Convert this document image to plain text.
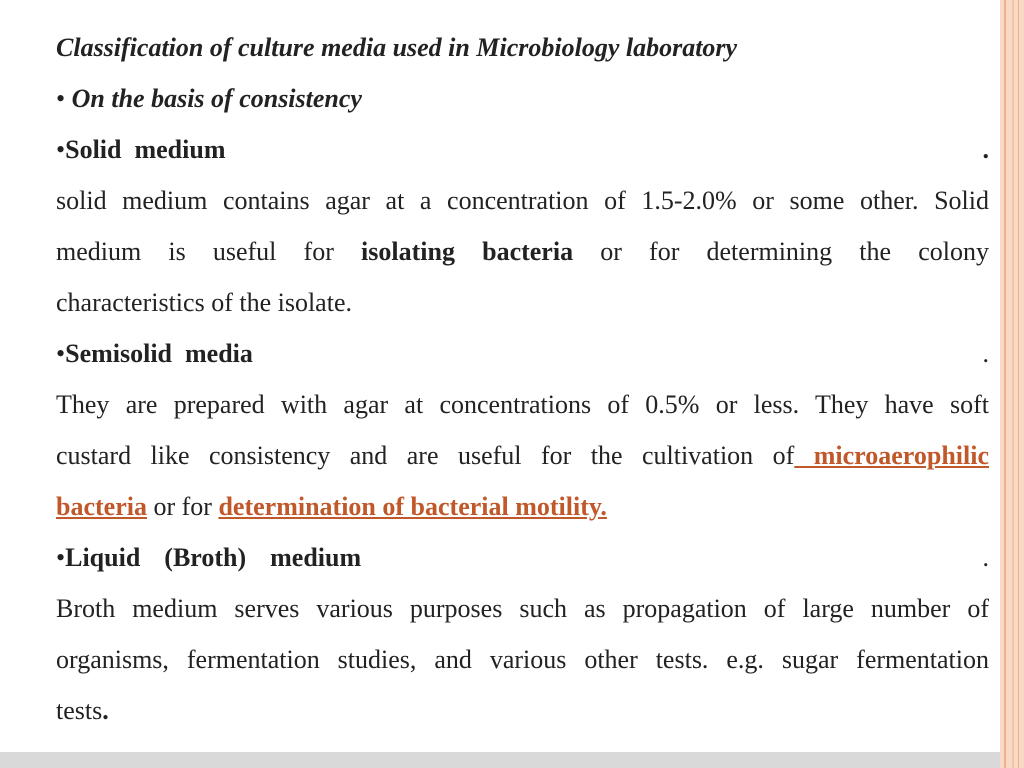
Classification of culture media used in Microbiology laboratory
• On the basis of consistency
•Solid  medium	.
solid medium contains agar at a concentration of 1.5-2.0% or some other. Solid
medium is useful for isolating bacteria or for determining the colony
characteristics of the isolate.
•Semisolid  media	.
They are prepared with agar at concentrations of 0.5% or less. They have soft
custard like consistency and are useful for the cultivation of microaerophilic
bacteria or for determination of bacterial motility.
•Liquid (Broth) medium	.
Broth medium serves various purposes such as propagation of large number of
organisms, fermentation studies, and various other tests. e.g. sugar fermentation
tests.
